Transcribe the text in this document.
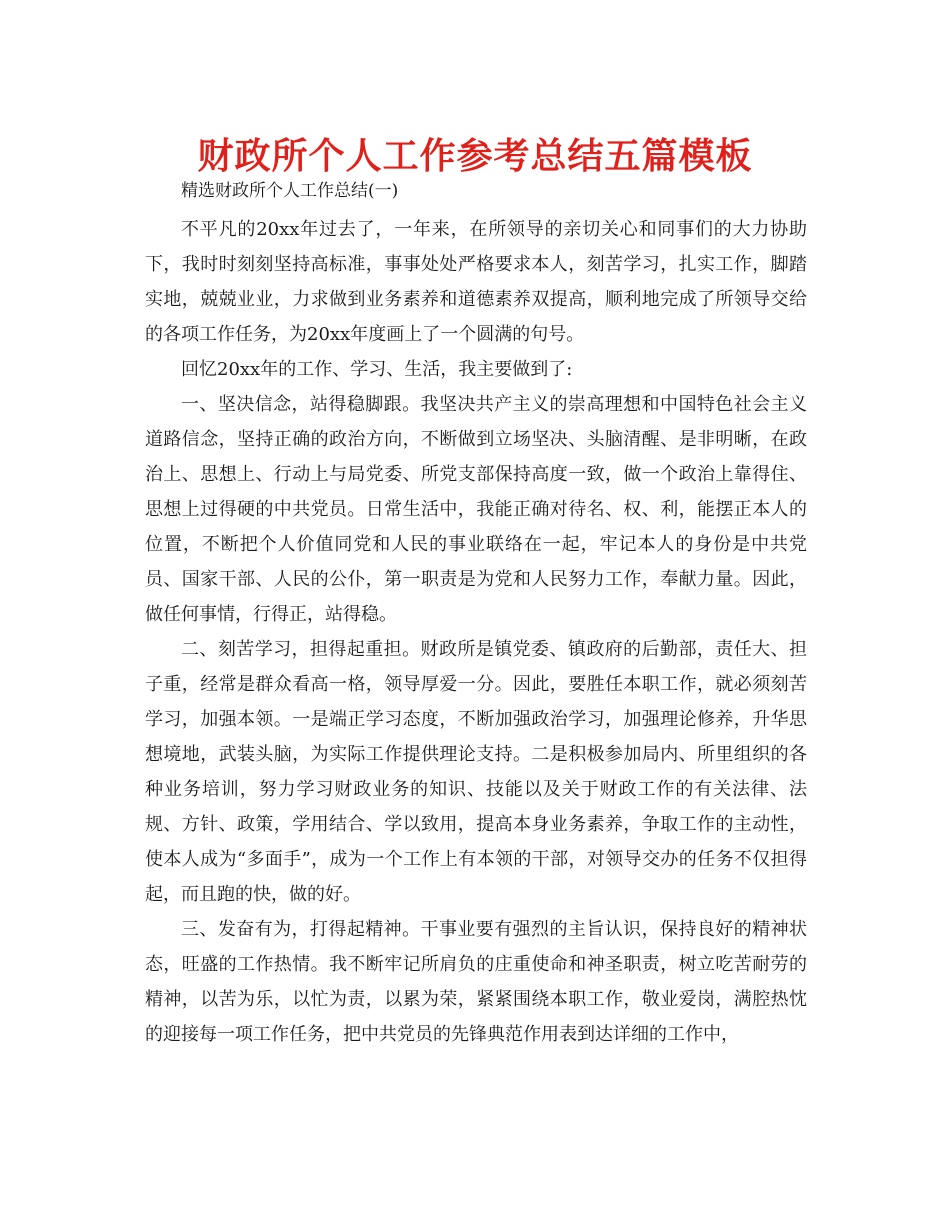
财政所个人工作参考总结五篇模板

精选财政所个人工作总结(一)

不平凡的20xx年过去了，一年来，在所领导的亲切关心和同事们的大力协助下，我时时刻刻坚持高标准，事事处处严格要求本人，刻苦学习，扎实工作，脚踏实地，兢兢业业，力求做到业务素养和道德素养双提高，顺利地完成了所领导交给的各项工作任务，为20xx年度画上了一个圆满的句号。

回忆20xx年的工作、学习、生活，我主要做到了:

一、坚决信念，站得稳脚跟。我坚决共产主义的崇高理想和中国特色社会主义道路信念，坚持正确的政治方向，不断做到立场坚决、头脑清醒、是非明晰，在政治上、思想上、行动上与局党委、所党支部保持高度一致，做一个政治上靠得住、思想上过得硬的中共党员。日常生活中，我能正确对待名、权、利，能摆正本人的位置，不断把个人价值同党和人民的事业联络在一起，牢记本人的身份是中共党员、国家干部、人民的公仆，第一职责是为党和人民努力工作，奉献力量。因此，做任何事情，行得正，站得稳。

二、刻苦学习，担得起重担。财政所是镇党委、镇政府的后勤部，责任大、担子重，经常是群众看高一格，领导厚爱一分。因此，要胜任本职工作，就必须刻苦学习，加强本领。一是端正学习态度，不断加强政治学习，加强理论修养，升华思想境地，武装头脑，为实际工作提供理论支持。二是积极参加局内、所里组织的各种业务培训，努力学习财政业务的知识、技能以及关于财政工作的有关法律、法规、方针、政策，学用结合、学以致用，提高本身业务素养，争取工作的主动性，使本人成为“多面手”，成为一个工作上有本领的干部，对领导交办的任务不仅担得起，而且跑的快，做的好。

三、发奋有为，打得起精神。干事业要有强烈的主旨认识，保持良好的精神状态，旺盛的工作热情。我不断牢记所肩负的庄重使命和神圣职责，树立吃苦耐劳的精神，以苦为乐，以忙为责，以累为荣，紧紧围绕本职工作，敬业爱岗，满腔热忱的迎接每一项工作任务，把中共党员的先锋典范作用表到达详细的工作中，
